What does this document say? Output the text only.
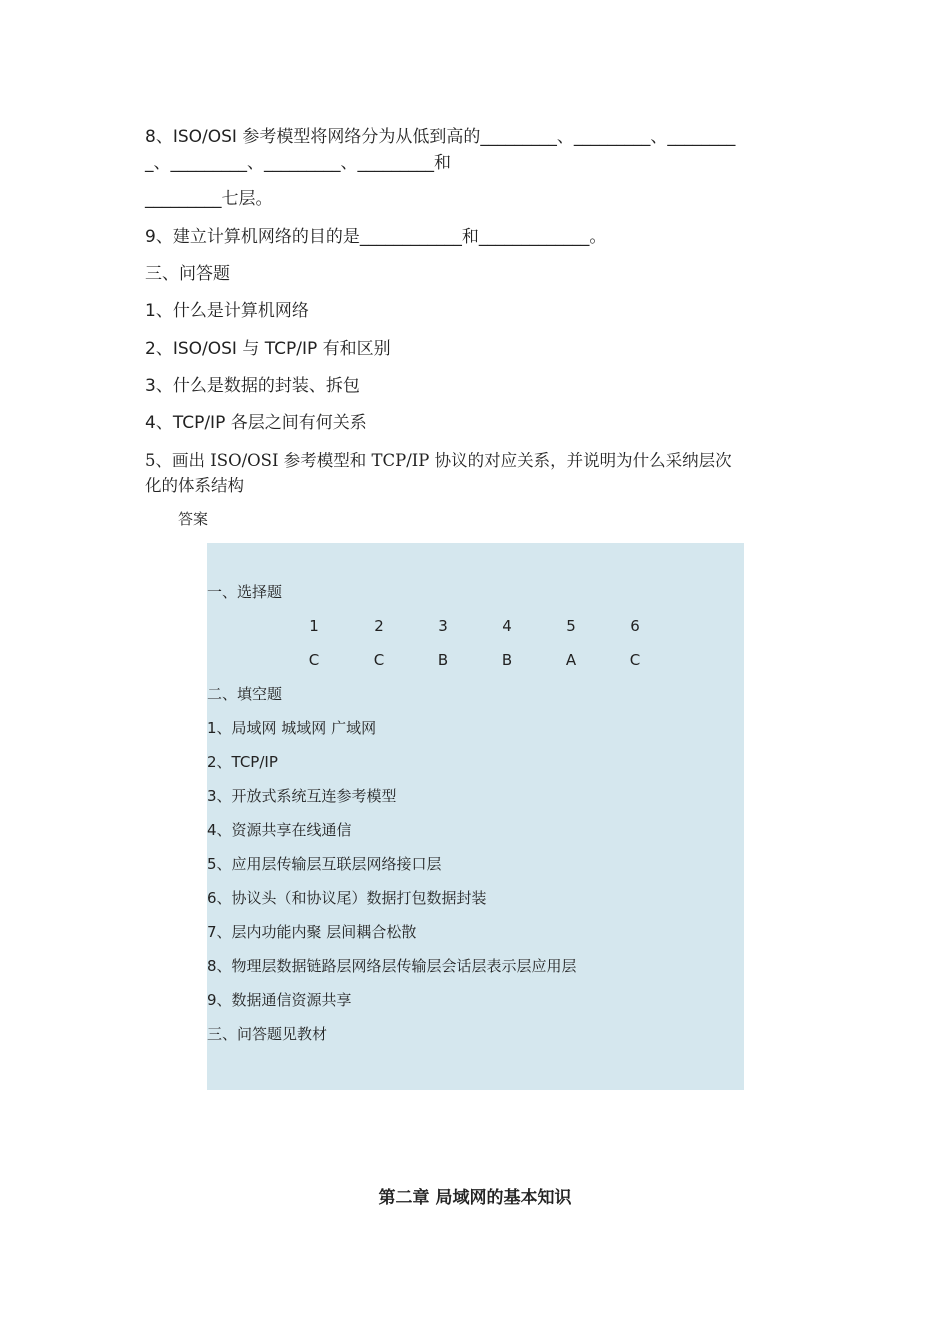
8、ISO/OSI 参考模型将网络分为从低到高的_________、_________、________
_、_________、_________、_________和
_________七层。
9、建立计算机网络的目的是____________和_____________。
三、问答题
1、什么是计算机网络
2、ISO/OSI 与 TCP/IP 有和区别
3、什么是数据的封装、拆包
4、TCP/IP 各层之间有何关系
5、画出 ISO/OSI 参考模型和 TCP/IP 协议的对应关系，并说明为什么采纳层次
化的体系结构
答案
一、选择题
1	2	3	4	5	6
C	C	B	B	A	C
二、填空题
1、局域网 城域网 广域网
2、TCP/IP
3、开放式系统互连参考模型
4、资源共享在线通信
5、应用层传输层互联层网络接口层
6、协议头（和协议尾）数据打包数据封装
7、层内功能内聚 层间耦合松散
8、物理层数据链路层网络层传输层会话层表示层应用层
9、数据通信资源共享
三、问答题见教材
第二章 局域网的基本知识
